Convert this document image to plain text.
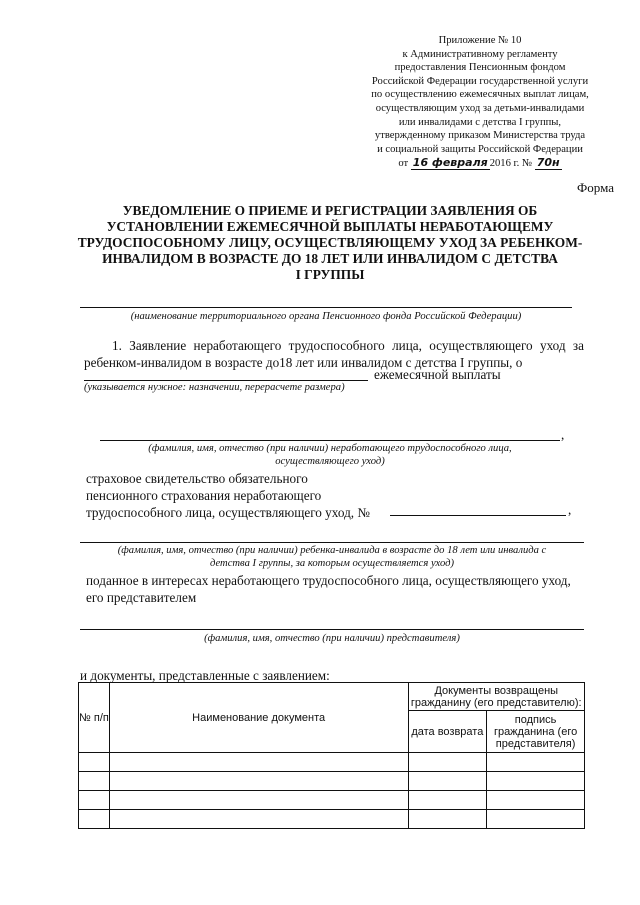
Приложение № 10
к Административному регламенту
предоставления Пенсионным фондом
Российской Федерации государственной услуги
по осуществлению ежемесячных выплат лицам,
осуществляющим уход за детьми-инвалидами
или инвалидами с детства I группы,
утвержденному приказом Министерства труда
и социальной защиты Российской Федерации
от 16 февраля 2016 г. № 70н
Форма
УВЕДОМЛЕНИЕ О ПРИЕМЕ И РЕГИСТРАЦИИ ЗАЯВЛЕНИЯ ОБ
УСТАНОВЛЕНИИ ЕЖЕМЕСЯЧНОЙ ВЫПЛАТЫ НЕРАБОТАЮЩЕМУ
ТРУДОСПОСОБНОМУ ЛИЦУ, ОСУЩЕСТВЛЯЮЩЕМУ УХОД ЗА РЕБЕНКОМ-
ИНВАЛИДОМ В ВОЗРАСТЕ ДО 18 ЛЕТ ИЛИ ИНВАЛИДОМ С ДЕТСТВА
I ГРУППЫ
(наименование территориального органа Пенсионного фонда Российской Федерации)
1. Заявление неработающего трудоспособного лица, осуществляющего уход за ребенком-инвалидом в возрасте до18 лет или инвалидом с детства I группы, о
ежемесячной выплаты
(указывается нужное: назначении, перерасчете размера)
,
(фамилия, имя, отчество (при наличии) неработающего трудоспособного лица,
осуществляющего уход)
страховое свидетельство обязательного
пенсионного страхования неработающего
трудоспособного лица, осуществляющего уход, №	,
(фамилия, имя, отчество (при наличии) ребенка-инвалида в возрасте до 18 лет или инвалида с
детства I группы, за которым осуществляется уход)
поданное в интересах неработающего трудоспособного лица, осуществляющего уход,
его представителем
(фамилия, имя, отчество (при наличии) представителя)
и документы, представленные с заявлением:
№ п/п	Наименование документа	Документы возвращены гражданину (его представителю):	
		дата возврата	подпись гражданина (его представителя)
